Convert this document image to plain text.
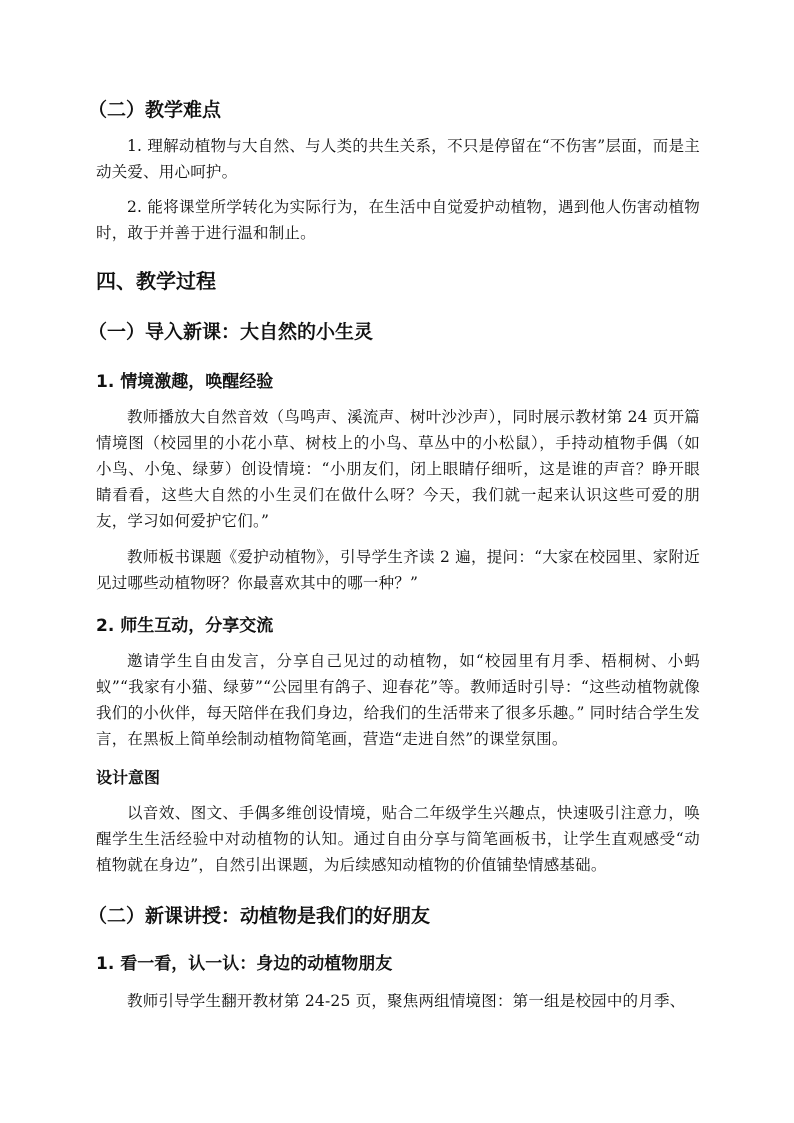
（二）教学难点

1. 理解动植物与大自然、与人类的共生关系，不只是停留在“不伤害”层面，而是主动关爱、用心呵护。

2. 能将课堂所学转化为实际行为，在生活中自觉爱护动植物，遇到他人伤害动植物时，敢于并善于进行温和制止。

四、教学过程
（一）导入新课：大自然的小生灵
1. 情境激趣，唤醒经验

教师播放大自然音效（鸟鸣声、溪流声、树叶沙沙声），同时展示教材第 24 页开篇情境图（校园里的小花小草、树枝上的小鸟、草丛中的小松鼠），手持动植物手偶（如小鸟、小兔、绿萝）创设情境：“小朋友们，闭上眼睛仔细听，这是谁的声音？睁开眼睛看看，这些大自然的小生灵们在做什么呀？今天，我们就一起来认识这些可爱的朋友，学习如何爱护它们。”

教师板书课题《爱护动植物》，引导学生齐读 2 遍，提问：“大家在校园里、家附近见过哪些动植物呀？你最喜欢其中的哪一种？”

2. 师生互动，分享交流

邀请学生自由发言，分享自己见过的动植物，如“校园里有月季、梧桐树、小蚂蚁”“我家有小猫、绿萝”“公园里有鸽子、迎春花”等。教师适时引导：“这些动植物就像我们的小伙伴，每天陪伴在我们身边，给我们的生活带来了很多乐趣。” 同时结合学生发言，在黑板上简单绘制动植物简笔画，营造“走进自然”的课堂氛围。

设计意图

以音效、图文、手偶多维创设情境，贴合二年级学生兴趣点，快速吸引注意力，唤醒学生生活经验中对动植物的认知。通过自由分享与简笔画板书，让学生直观感受“动植物就在身边”，自然引出课题，为后续感知动植物的价值铺垫情感基础。

（二）新课讲授：动植物是我们的好朋友
1. 看一看，认一认：身边的动植物朋友

教师引导学生翻开教材第 24-25 页，聚焦两组情境图：第一组是校园中的月季、
